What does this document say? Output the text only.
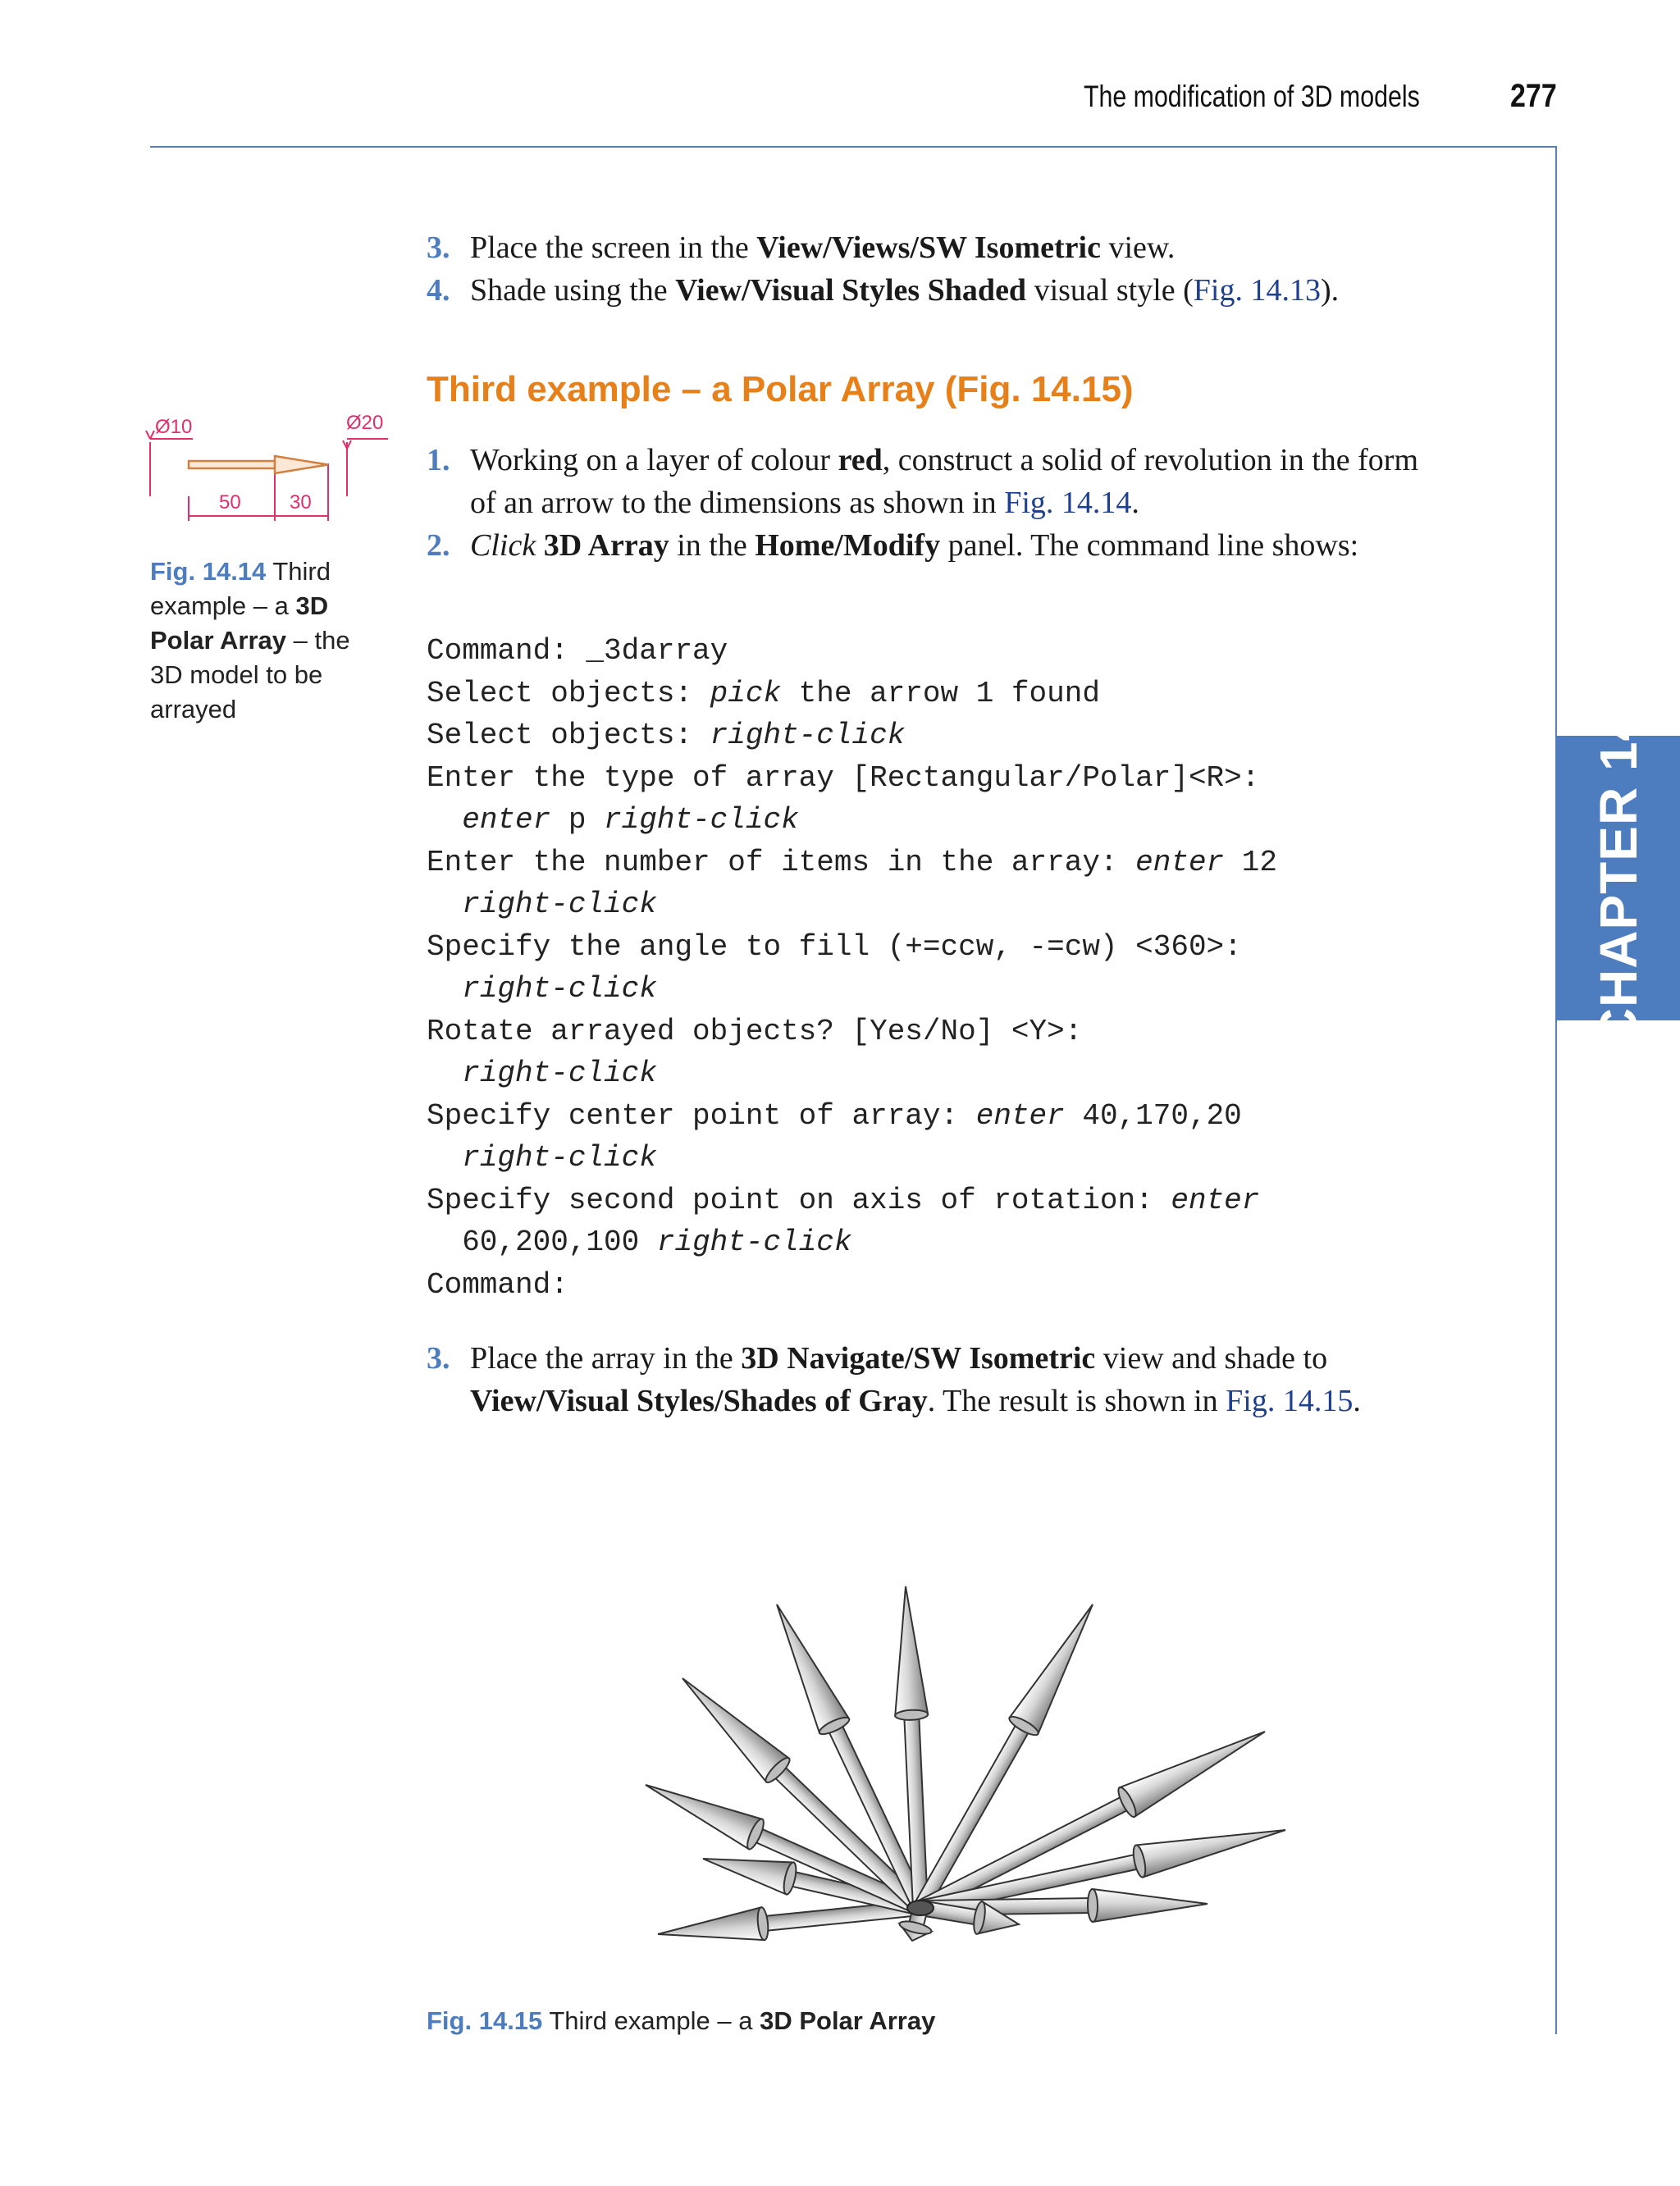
The modification of 3D models	277
CHAPTER 14
3. Place the screen in the View/Views/SW Isometric view.
4. Shade using the View/Visual Styles Shaded visual style (Fig. 14.13).
Third example – a Polar Array (Fig. 14.15)
1. Working on a layer of colour red, construct a solid of revolution in the form of an arrow to the dimensions as shown in Fig. 14.14.
2. Click 3D Array in the Home/Modify panel. The command line shows:
Command: _3darray
Select objects: pick the arrow 1 found
Select objects: right-click
Enter the type of array [Rectangular/Polar]<R>:
enter p right-click
Enter the number of items in the array: enter 12
right-click
Specify the angle to fill (+=ccw, -=cw) <360>:
right-click
Rotate arrayed objects? [Yes/No] <Y>:
right-click
Specify center point of array: enter 40,170,20
right-click
Specify second point on axis of rotation: enter
60,200,100 right-click
Command:
3. Place the array in the 3D Navigate/SW Isometric view and shade to View/Visual Styles/Shades of Gray. The result is shown in Fig. 14.15.
Ø10	Ø20
50 30
Fig. 14.14 Third example – a 3D Polar Array – the 3D model to be arrayed
Fig. 14.15 Third example – a 3D Polar Array
